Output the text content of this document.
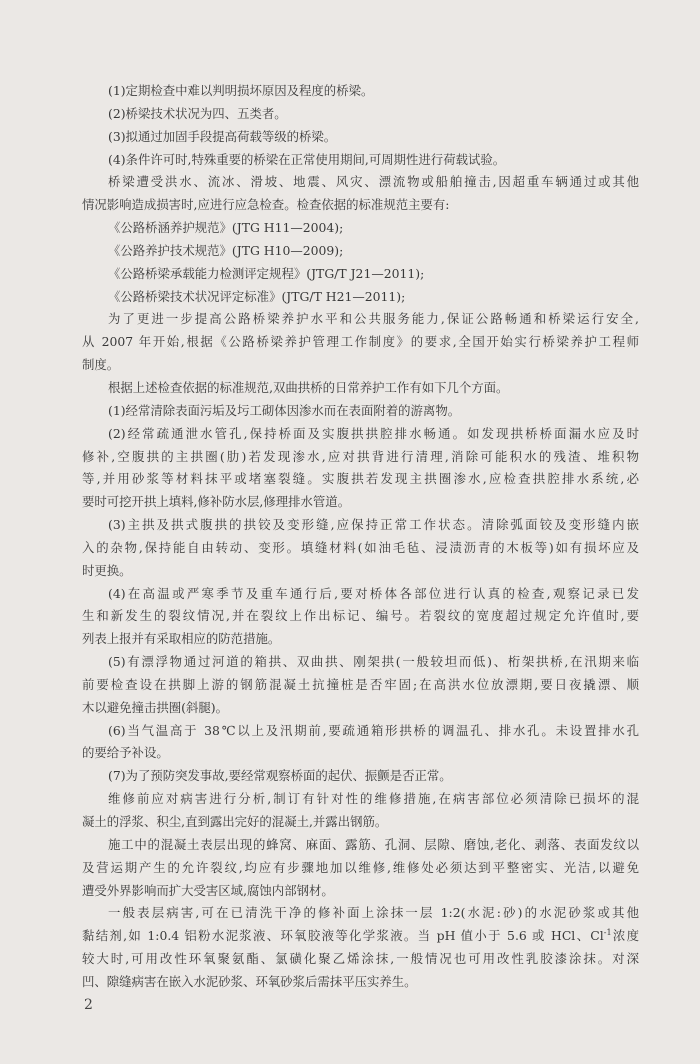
(1)定期检查中难以判明损坏原因及程度的桥梁。
(2)桥梁技术状况为四、五类者。
(3)拟通过加固手段提高荷载等级的桥梁。
(4)条件许可时,特殊重要的桥梁在正常使用期间,可周期性进行荷载试验。
桥梁遭受洪水、流冰、滑坡、地震、风灾、漂流物或船舶撞击,因超重车辆通过或其他
情况影响造成损害时,应进行应急检查。检查依据的标准规范主要有:
《公路桥涵养护规范》(JTG H11—2004);
《公路养护技术规范》(JTG H10—2009);
《公路桥梁承载能力检测评定规程》(JTG/T J21—2011);
《公路桥梁技术状况评定标准》(JTG/T H21—2011);
为了更进一步提高公路桥梁养护水平和公共服务能力,保证公路畅通和桥梁运行安全,
从 2007 年开始,根据《公路桥梁养护管理工作制度》的要求,全国开始实行桥梁养护工程师
制度。
根据上述检查依据的标准规范,双曲拱桥的日常养护工作有如下几个方面。
(1)经常清除表面污垢及圬工砌体因渗水而在表面附着的游离物。
(2)经常疏通泄水管孔,保持桥面及实腹拱拱腔排水畅通。如发现拱桥桥面漏水应及时
修补,空腹拱的主拱圈(肋)若发现渗水,应对拱背进行清理,消除可能积水的残渣、堆积物
等,并用砂浆等材料抹平或堵塞裂缝。实腹拱若发现主拱圈渗水,应检查拱腔排水系统,必
要时可挖开拱上填料,修补防水层,修理排水管道。
(3)主拱及拱式腹拱的拱铰及变形缝,应保持正常工作状态。清除弧面铰及变形缝内嵌
入的杂物,保持能自由转动、变形。填缝材料(如油毛毡、浸渍沥青的木板等)如有损坏应及
时更换。
(4)在高温或严寒季节及重车通行后,要对桥体各部位进行认真的检查,观察记录已发
生和新发生的裂纹情况,并在裂纹上作出标记、编号。若裂纹的宽度超过规定允许值时,要
列表上报并有采取相应的防范措施。
(5)有漂浮物通过河道的箱拱、双曲拱、刚架拱(一般较坦而低)、桁架拱桥,在汛期来临
前要检查设在拱脚上游的钢筋混凝土抗撞桩是否牢固;在高洪水位放漂期,要日夜撬漂、顺
木以避免撞击拱圈(斜腿)。
(6)当气温高于 38℃以上及汛期前,要疏通箱形拱桥的调温孔、排水孔。未设置排水孔
的要给予补设。
(7)为了预防突发事故,要经常观察桥面的起伏、振颤是否正常。
维修前应对病害进行分析,制订有针对性的维修措施,在病害部位必须清除已损坏的混
凝土的浮浆、积尘,直到露出完好的混凝土,并露出钢筋。
施工中的混凝土表层出现的蜂窝、麻面、露筋、孔洞、层隙、磨蚀,老化、剥落、表面发纹以
及营运期产生的允许裂纹,均应有步骤地加以维修,维修处必须达到平整密实、光洁,以避免
遭受外界影响而扩大受害区域,腐蚀内部钢材。
一般表层病害,可在已清洗干净的修补面上涂抹一层 1:2(水泥:砂)的水泥砂浆或其他
黏结剂,如 1:0.4 铝粉水泥浆液、环氧胶液等化学浆液。当 pH 值小于 5.6 或 HCl、$Cl^{-1}$浓度
较大时,可用改性环氧聚氨酯、氯磺化聚乙烯涂抹,一般情况也可用改性乳胶漆涂抹。对深
凹、隙缝病害在嵌入水泥砂浆、环氧砂浆后需抹平压实养生。
2
